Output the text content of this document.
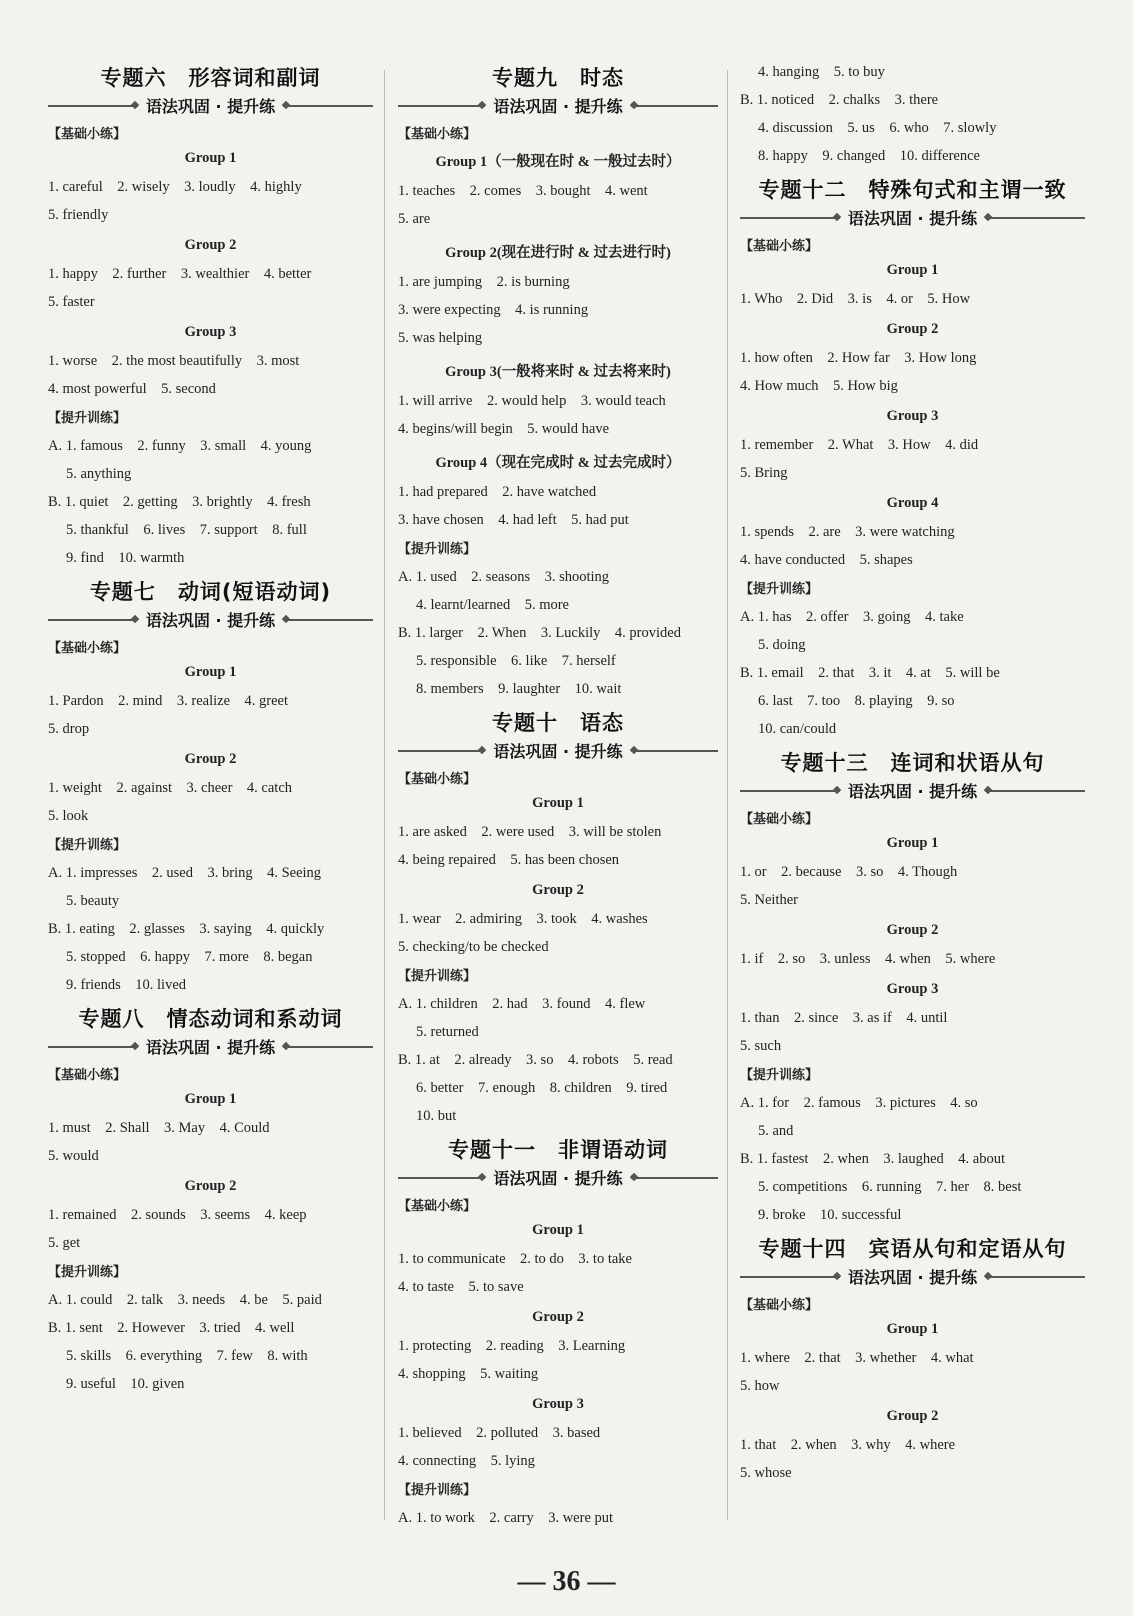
专题六　形容词和副词
语法巩固 · 提升练
【基础小练】
Group 1
1. careful　2. wisely　3. loudly　4. highly
5. friendly
Group 2
1. happy　2. further　3. wealthier　4. better
5. faster
Group 3
1. worse　2. the most beautifully　3. most
4. most powerful　5. second
【提升训练】
A. 1. famous　2. funny　3. small　4. young
5. anything
B. 1. quiet　2. getting　3. brightly　4. fresh
5. thankful　6. lives　7. support　8. full
9. find　10. warmth
专题七　动词(短语动词)
语法巩固 · 提升练
【基础小练】
Group 1
1. Pardon　2. mind　3. realize　4. greet
5. drop
Group 2
1. weight　2. against　3. cheer　4. catch
5. look
【提升训练】
A. 1. impresses　2. used　3. bring　4. Seeing
5. beauty
B. 1. eating　2. glasses　3. saying　4. quickly
5. stopped　6. happy　7. more　8. began
9. friends　10. lived
专题八　情态动词和系动词
语法巩固 · 提升练
【基础小练】
Group 1
1. must　2. Shall　3. May　4. Could
5. would
Group 2
1. remained　2. sounds　3. seems　4. keep
5. get
【提升训练】
A. 1. could　2. talk　3. needs　4. be　5. paid
B. 1. sent　2. However　3. tried　4. well
5. skills　6. everything　7. few　8. with
9. useful　10. given
专题九　时态
语法巩固 · 提升练
【基础小练】
Group 1（一般现在时 & 一般过去时）
1. teaches　2. comes　3. bought　4. went
5. are
Group 2(现在进行时 & 过去进行时)
1. are jumping　2. is burning
3. were expecting　4. is running
5. was helping
Group 3(一般将来时 & 过去将来时)
1. will arrive　2. would help　3. would teach
4. begins/will begin　5. would have
Group 4（现在完成时 & 过去完成时）
1. had prepared　2. have watched
3. have chosen　4. had left　5. had put
【提升训练】
A. 1. used　2. seasons　3. shooting
4. learnt/learned　5. more
B. 1. larger　2. When　3. Luckily　4. provided
5. responsible　6. like　7. herself
8. members　9. laughter　10. wait
专题十　语态
语法巩固 · 提升练
【基础小练】
Group 1
1. are asked　2. were used　3. will be stolen
4. being repaired　5. has been chosen
Group 2
1. wear　2. admiring　3. took　4. washes
5. checking/to be checked
【提升训练】
A. 1. children　2. had　3. found　4. flew
5. returned
B. 1. at　2. already　3. so　4. robots　5. read
6. better　7. enough　8. children　9. tired
10. but
专题十一　非谓语动词
语法巩固 · 提升练
【基础小练】
Group 1
1. to communicate　2. to do　3. to take
4. to taste　5. to save
Group 2
1. protecting　2. reading　3. Learning
4. shopping　5. waiting
Group 3
1. believed　2. polluted　3. based
4. connecting　5. lying
【提升训练】
A. 1. to work　2. carry　3. were put
4. hanging　5. to buy
B. 1. noticed　2. chalks　3. there
4. discussion　5. us　6. who　7. slowly
8. happy　9. changed　10. difference
专题十二　特殊句式和主谓一致
语法巩固 · 提升练
【基础小练】
Group 1
1. Who　2. Did　3. is　4. or　5. How
Group 2
1. how often　2. How far　3. How long
4. How much　5. How big
Group 3
1. remember　2. What　3. How　4. did
5. Bring
Group 4
1. spends　2. are　3. were watching
4. have conducted　5. shapes
【提升训练】
A. 1. has　2. offer　3. going　4. take
5. doing
B. 1. email　2. that　3. it　4. at　5. will be
6. last　7. too　8. playing　9. so
10. can/could
专题十三　连词和状语从句
语法巩固 · 提升练
【基础小练】
Group 1
1. or　2. because　3. so　4. Though
5. Neither
Group 2
1. if　2. so　3. unless　4. when　5. where
Group 3
1. than　2. since　3. as if　4. until
5. such
【提升训练】
A. 1. for　2. famous　3. pictures　4. so
5. and
B. 1. fastest　2. when　3. laughed　4. about
5. competitions　6. running　7. her　8. best
9. broke　10. successful
专题十四　宾语从句和定语从句
语法巩固 · 提升练
【基础小练】
Group 1
1. where　2. that　3. whether　4. what
5. how
Group 2
1. that　2. when　3. why　4. where
5. whose
— 36 —
